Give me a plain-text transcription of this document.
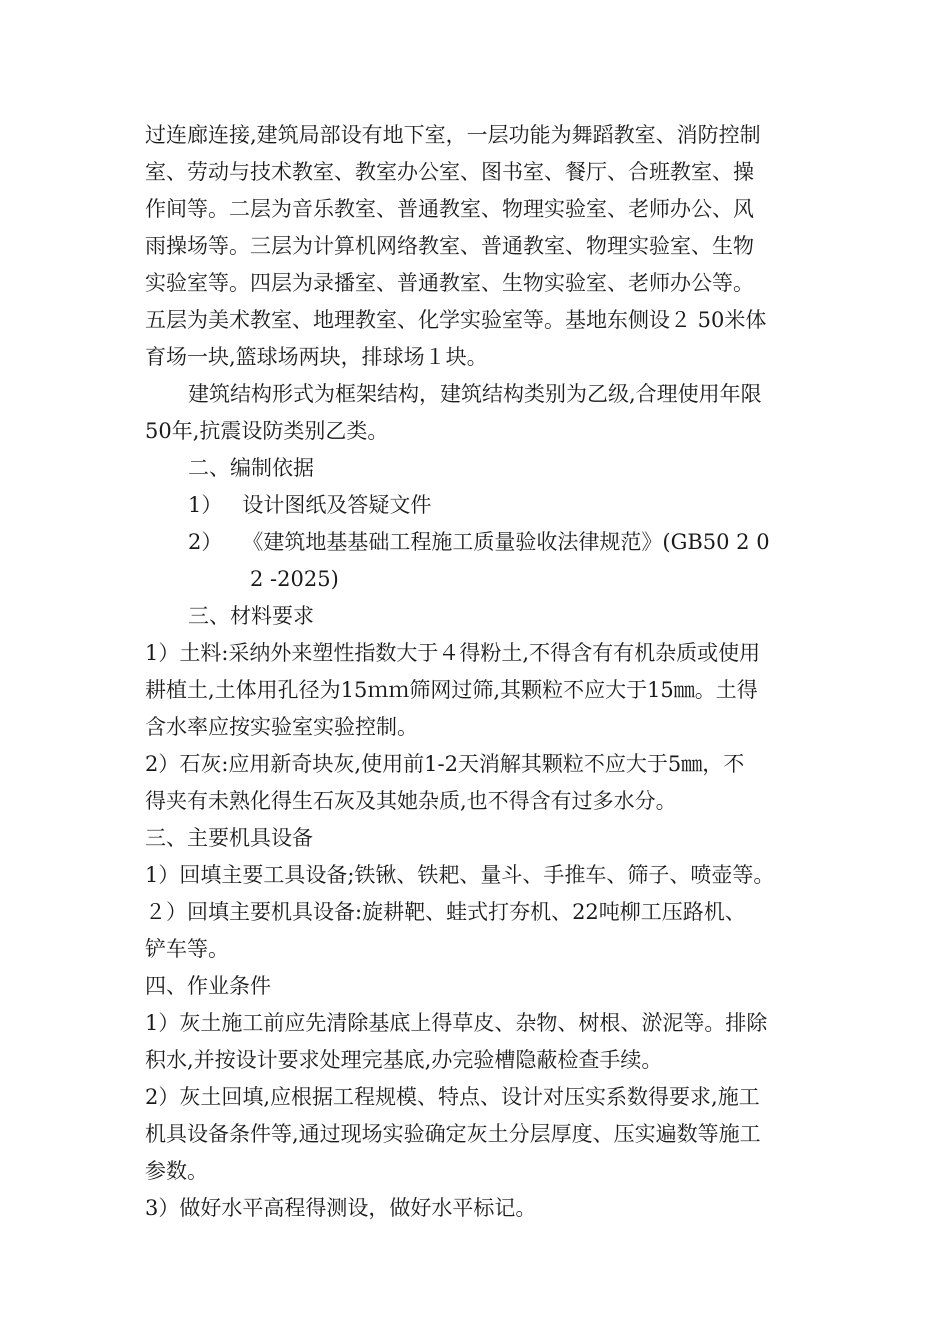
过连廊连接,建筑局部设有地下室，一层功能为舞蹈教室、消防控制
室、劳动与技术教室、教室办公室、图书室、餐厅、合班教室、操
作间等。二层为音乐教室、普通教室、物理实验室、老师办公、风
雨操场等。三层为计算机网络教室、普通教室、物理实验室、生物
实验室等。四层为录播室、普通教室、生物实验室、老师办公等。
五层为美术教室、地理教室、化学实验室等。基地东侧设２ 50米体
育场一块,篮球场两块，排球场１块。
建筑结构形式为框架结构，建筑结构类别为乙级,合理使用年限
50年,抗震设防类别乙类。
二、编制依据
1）   设计图纸及答疑文件
2）   《建筑地基基础工程施工质量验收法律规范》(GB50 2 0
2 -2025)
三、材料要求
1）土料:采纳外来塑性指数大于４得粉土,不得含有有机杂质或使用
耕植土,土体用孔径为15ｍｍ筛网过筛,其颗粒不应大于15㎜。土得
含水率应按实验室实验控制。
2）石灰:应用新奇块灰,使用前1-2天消解其颗粒不应大于5㎜，不
得夹有未熟化得生石灰及其她杂质,也不得含有过多水分。
三、主要机具设备
1）回填主要工具设备;铁锹、铁耙、量斗、手推车、筛子、喷壶等。
２）回填主要机具设备:旋耕靶、蛙式打夯机、22吨柳工压路机、
铲车等。
四、作业条件
1）灰土施工前应先清除基底上得草皮、杂物、树根、淤泥等。排除
积水,并按设计要求处理完基底,办完验槽隐蔽检查手续。
2）灰土回填,应根据工程规模、特点、设计对压实系数得要求,施工
机具设备条件等,通过现场实验确定灰土分层厚度、压实遍数等施工
参数。
3）做好水平高程得测设，做好水平标记。
